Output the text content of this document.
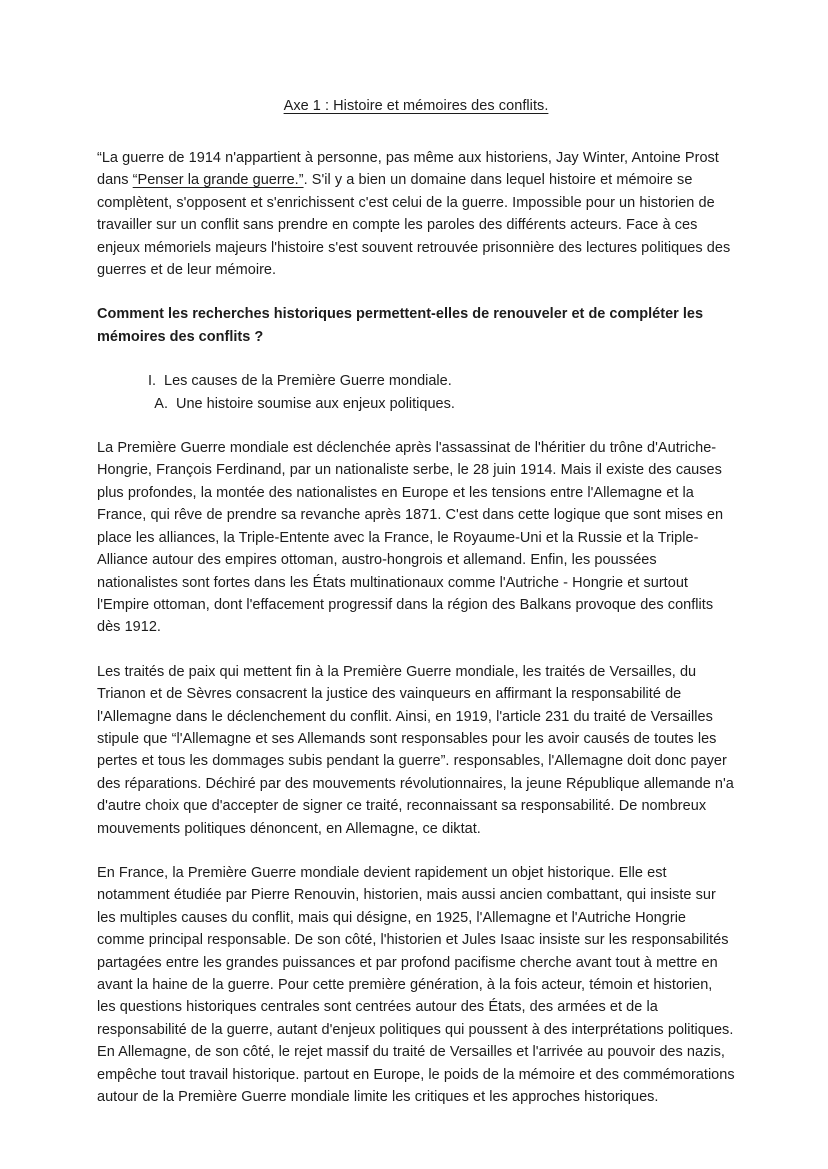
Axe 1 : Histoire et mémoires des conflits.

“La guerre de 1914 n'appartient à personne, pas même aux historiens, Jay Winter, Antoine Prost dans “Penser la grande guerre.”. S'il y a bien un domaine dans lequel histoire et mémoire se complètent, s'opposent et s'enrichissent c'est celui de la guerre. Impossible pour un historien de travailler sur un conflit sans prendre en compte les paroles des différents acteurs. Face à ces enjeux mémoriels majeurs l'histoire s'est souvent retrouvée prisonnière des lectures politiques des guerres et de leur mémoire.

Comment les recherches historiques permettent-elles de renouveler et de compléter les mémoires des conflits ?

I. Les causes de la Première Guerre mondiale.
A. Une histoire soumise aux enjeux politiques.

La Première Guerre mondiale est déclenchée après l'assassinat de l'héritier du trône d'Autriche-Hongrie, François Ferdinand, par un nationaliste serbe, le 28 juin 1914. Mais il existe des causes plus profondes, la montée des nationalistes en Europe et les tensions entre l'Allemagne et la France, qui rêve de prendre sa revanche après 1871. C'est dans cette logique que sont mises en place les alliances, la Triple-Entente avec la France, le Royaume-Uni et la Russie et la Triple-Alliance autour des empires ottoman, austro-hongrois et allemand. Enfin, les poussées nationalistes sont fortes dans les États multinationaux comme l'Autriche - Hongrie et surtout l'Empire ottoman, dont l'effacement progressif dans la région des Balkans provoque des conflits dès 1912.

Les traités de paix qui mettent fin à la Première Guerre mondiale, les traités de Versailles, du Trianon et de Sèvres consacrent la justice des vainqueurs en affirmant la responsabilité de l'Allemagne dans le déclenchement du conflit. Ainsi, en 1919, l'article 231 du traité de Versailles stipule que “l'Allemagne et ses Allemands sont responsables pour les avoir causés de toutes les pertes et tous les dommages subis pendant la guerre”. responsables, l'Allemagne doit donc payer des réparations. Déchiré par des mouvements révolutionnaires, la jeune République allemande n'a d'autre choix que d'accepter de signer ce traité, reconnaissant sa responsabilité. De nombreux mouvements politiques dénoncent, en Allemagne, ce diktat.

En France, la Première Guerre mondiale devient rapidement un objet historique. Elle est notamment étudiée par Pierre Renouvin, historien, mais aussi ancien combattant, qui insiste sur les multiples causes du conflit, mais qui désigne, en 1925, l'Allemagne et l'Autriche Hongrie comme principal responsable. De son côté, l'historien et Jules Isaac insiste sur les responsabilités partagées entre les grandes puissances et par profond pacifisme cherche avant tout à mettre en avant la haine de la guerre. Pour cette première génération, à la fois acteur, témoin et historien, les questions historiques centrales sont centrées autour des États, des armées et de la responsabilité de la guerre, autant d'enjeux politiques qui poussent à des interprétations politiques. En Allemagne, de son côté, le rejet massif du traité de Versailles et l'arrivée au pouvoir des nazis, empêche tout travail historique. partout en Europe, le poids de la mémoire et des commémorations autour de la Première Guerre mondiale limite les critiques et les approches historiques.
